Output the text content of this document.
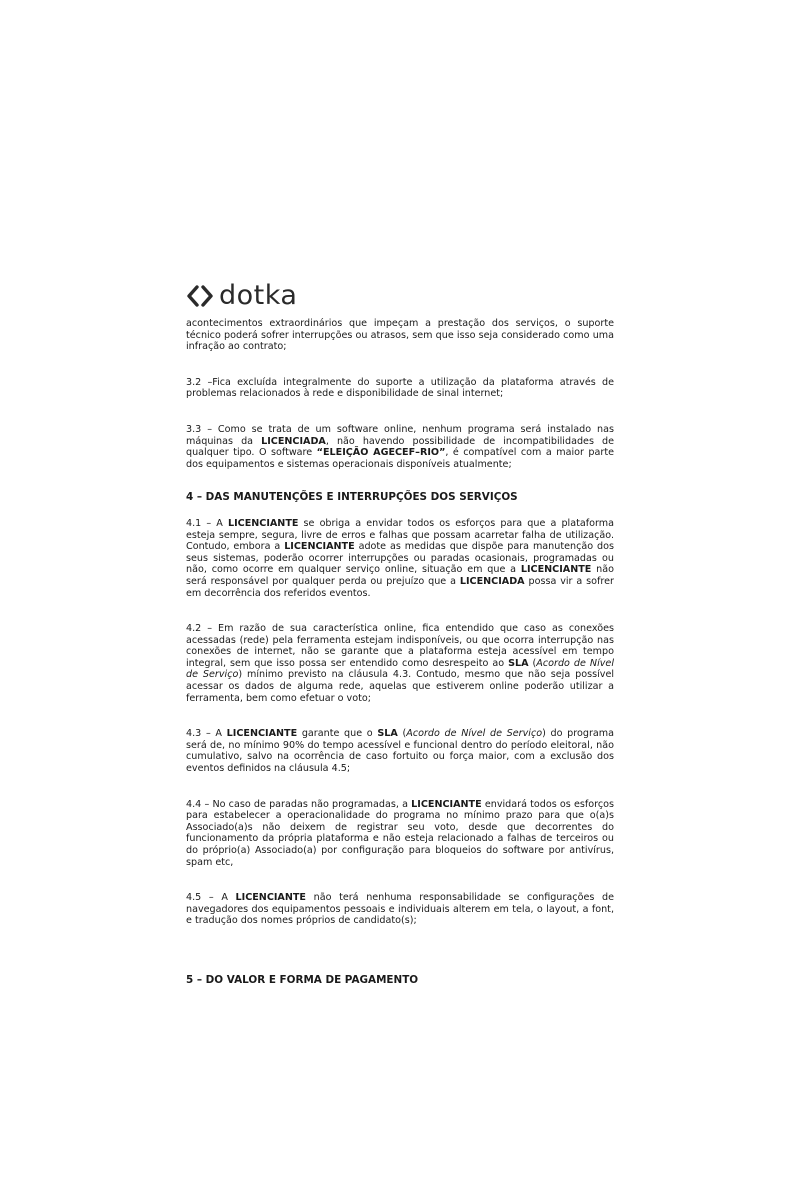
dotka

acontecimentos extraordinários que impeçam a prestação dos serviços, o suporte técnico poderá sofrer interrupções ou atrasos, sem que isso seja considerado como uma infração ao contrato;

3.2 –Fica excluída integralmente do suporte a utilização da plataforma através de problemas relacionados à rede e disponibilidade de sinal internet;

3.3 – Como se trata de um software online, nenhum programa será instalado nas máquinas da LICENCIADA, não havendo possibilidade de incompatibilidades de qualquer tipo. O software “ELEIÇÃO AGECEF–RIO”, é compatível com a maior parte dos equipamentos e sistemas operacionais disponíveis atualmente;

4 – DAS MANUTENÇÕES E INTERRUPÇÕES DOS SERVIÇOS

4.1 – A LICENCIANTE se obriga a envidar todos os esforços para que a plataforma esteja sempre, segura, livre de erros e falhas que possam acarretar falha de utilização. Contudo, embora a LICENCIANTE adote as medidas que dispõe para manutenção dos seus sistemas, poderão ocorrer interrupções ou paradas ocasionais, programadas ou não, como ocorre em qualquer serviço online, situação em que a LICENCIANTE não será responsável por qualquer perda ou prejuízo que a LICENCIADA possa vir a sofrer em decorrência dos referidos eventos.

4.2 – Em razão de sua característica online, fica entendido que caso as conexões acessadas (rede) pela ferramenta estejam indisponíveis, ou que ocorra interrupção nas conexões de internet, não se garante que a plataforma esteja acessível em tempo integral, sem que isso possa ser entendido como desrespeito ao SLA (Acordo de Nível de Serviço) mínimo previsto na cláusula 4.3. Contudo, mesmo que não seja possível acessar os dados de alguma rede, aquelas que estiverem online poderão utilizar a ferramenta, bem como efetuar o voto;

4.3 – A LICENCIANTE garante que o SLA (Acordo de Nível de Serviço) do programa será de, no mínimo 90% do tempo acessível e funcional dentro do período eleitoral, não cumulativo, salvo na ocorrência de caso fortuito ou força maior, com a exclusão dos eventos definidos na cláusula 4.5;

4.4 – No caso de paradas não programadas, a LICENCIANTE envidará todos os esforços para estabelecer a operacionalidade do programa no mínimo prazo para que o(a)s Associado(a)s não deixem de registrar seu voto, desde que decorrentes do funcionamento da própria plataforma e não esteja relacionado a falhas de terceiros ou do próprio(a) Associado(a) por configuração para bloqueios do software por antivírus, spam etc,

4.5 – A LICENCIANTE não terá nenhuma responsabilidade se configurações de navegadores dos equipamentos pessoais e individuais alterem em tela, o layout, a font, e tradução dos nomes próprios de candidato(s);

5 – DO VALOR E FORMA DE PAGAMENTO
